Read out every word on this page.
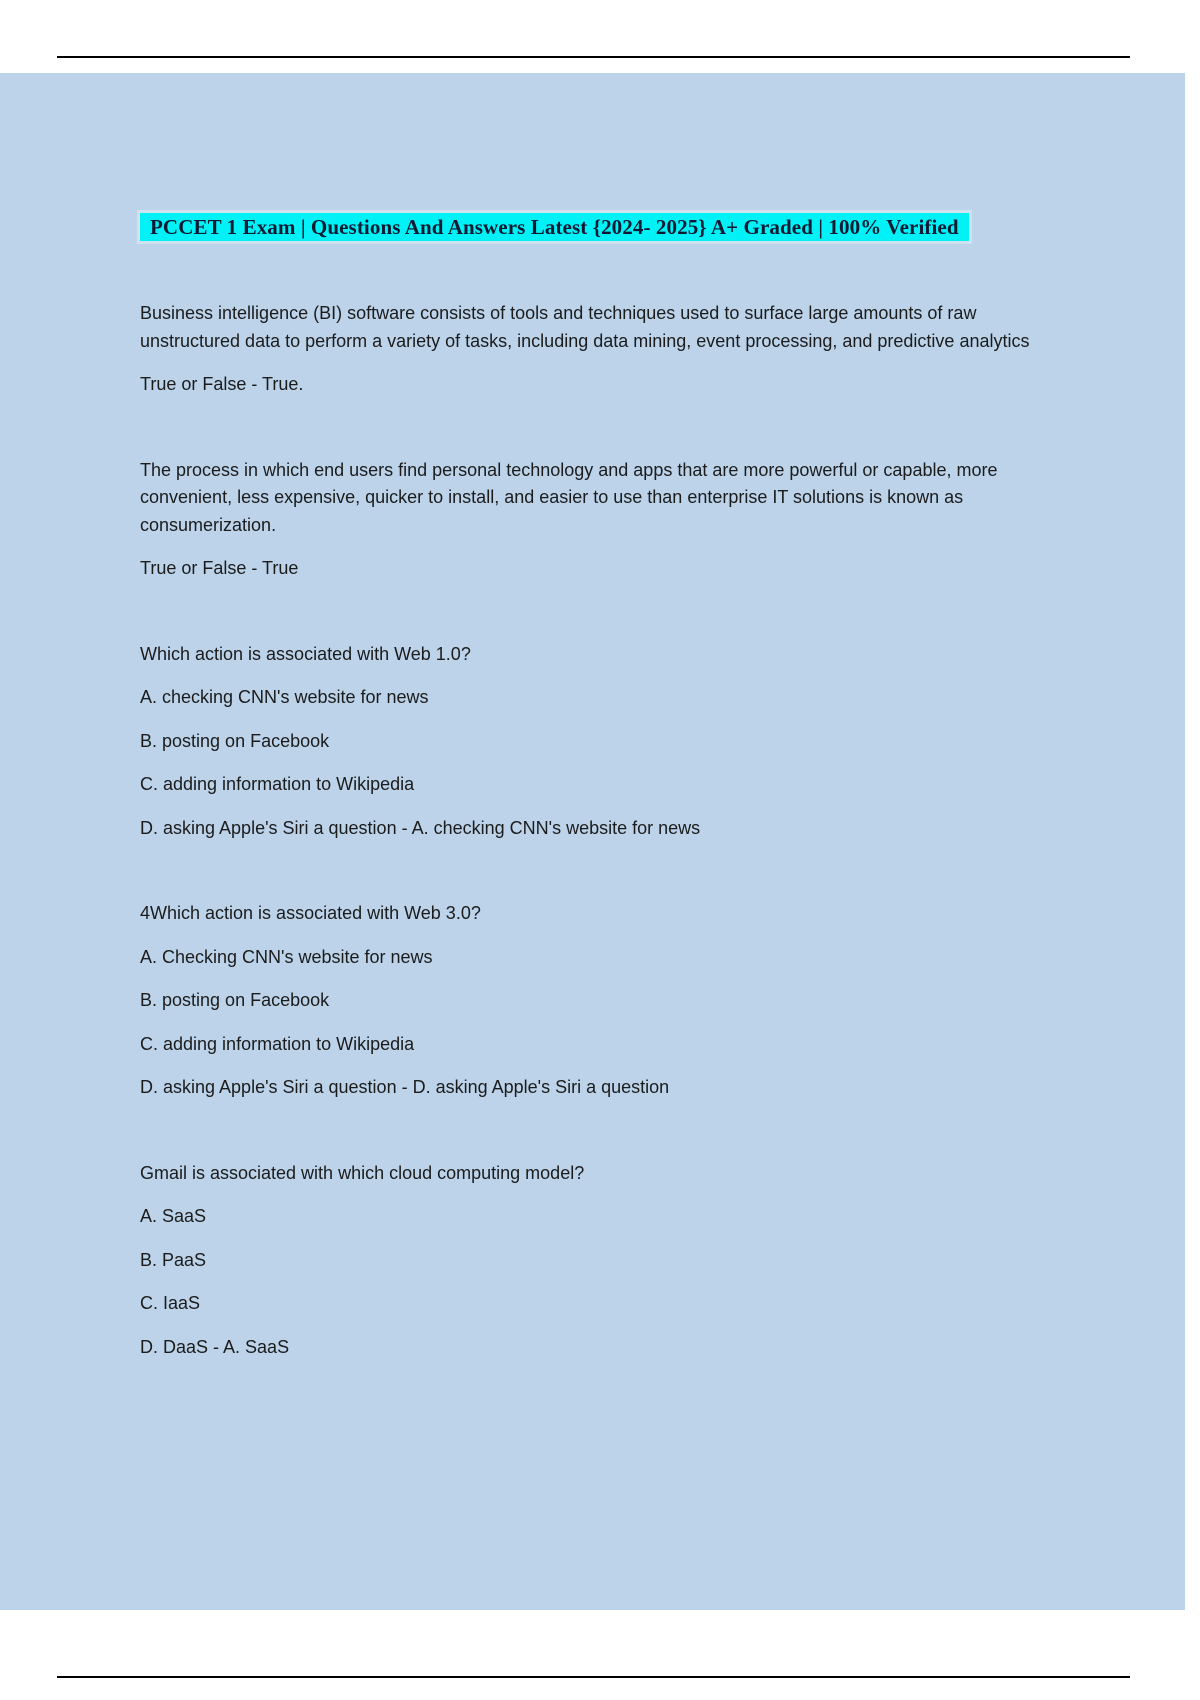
PCCET 1 Exam | Questions And Answers Latest {2024- 2025} A+ Graded | 100% Verified

Business intelligence (BI) software consists of tools and techniques used to surface large amounts of raw unstructured data to perform a variety of tasks, including data mining, event processing, and predictive analytics

True or False - True.

The process in which end users find personal technology and apps that are more powerful or capable, more convenient, less expensive, quicker to install, and easier to use than enterprise IT solutions is known as consumerization.

True or False - True

Which action is associated with Web 1.0?

A. checking CNN's website for news

B. posting on Facebook

C. adding information to Wikipedia

D. asking Apple's Siri a question - A. checking CNN's website for news

4Which action is associated with Web 3.0?

A. Checking CNN's website for news

B. posting on Facebook

C. adding information to Wikipedia

D. asking Apple's Siri a question - D. asking Apple's Siri a question

Gmail is associated with which cloud computing model?

A. SaaS

B. PaaS

C. IaaS

D. DaaS - A. SaaS
